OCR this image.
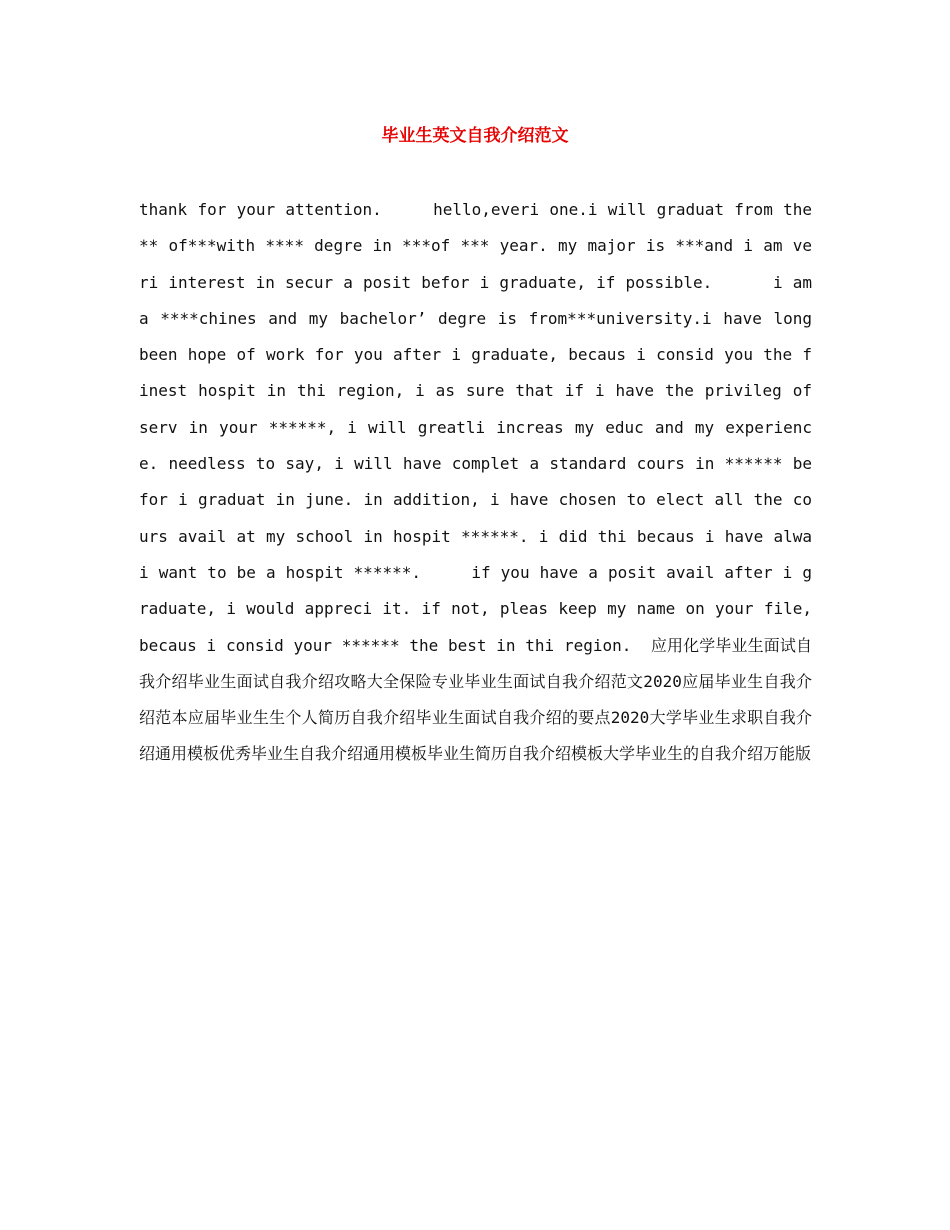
毕业生英文自我介绍范文

thank for your attention.     hello,everi one.i will graduat from the ** of***with **** degre in ***of *** year. my major is ***and i am veri interest in secur a posit befor i graduate, if possible.      i am a ****chines and my bachelor’ degre is from***university.i have long been hope of work for you after i graduate, becaus i consid you the finest hospit in thi region, i as sure that if i have the privileg of serv in your ******, i will greatli increas my educ and my experience. needless to say, i will have complet a standard cours in ****** befor i graduat in june. in addition, i have chosen to elect all the cours avail at my school in hospit ******. i did thi becaus i have alwai want to be a hospit ******.     if you have a posit avail after i graduate, i would appreci it. if not, pleas keep my name on your file, becaus i consid your ****** the best in thi region.  应用化学毕业生面试自我介绍毕业生面试自我介绍攻略大全保险专业毕业生面试自我介绍范文2020应届毕业生自我介绍范本应届毕业生生个人简历自我介绍毕业生面试自我介绍的要点2020大学毕业生求职自我介绍通用模板优秀毕业生自我介绍通用模板毕业生简历自我介绍模板大学毕业生的自我介绍万能版
